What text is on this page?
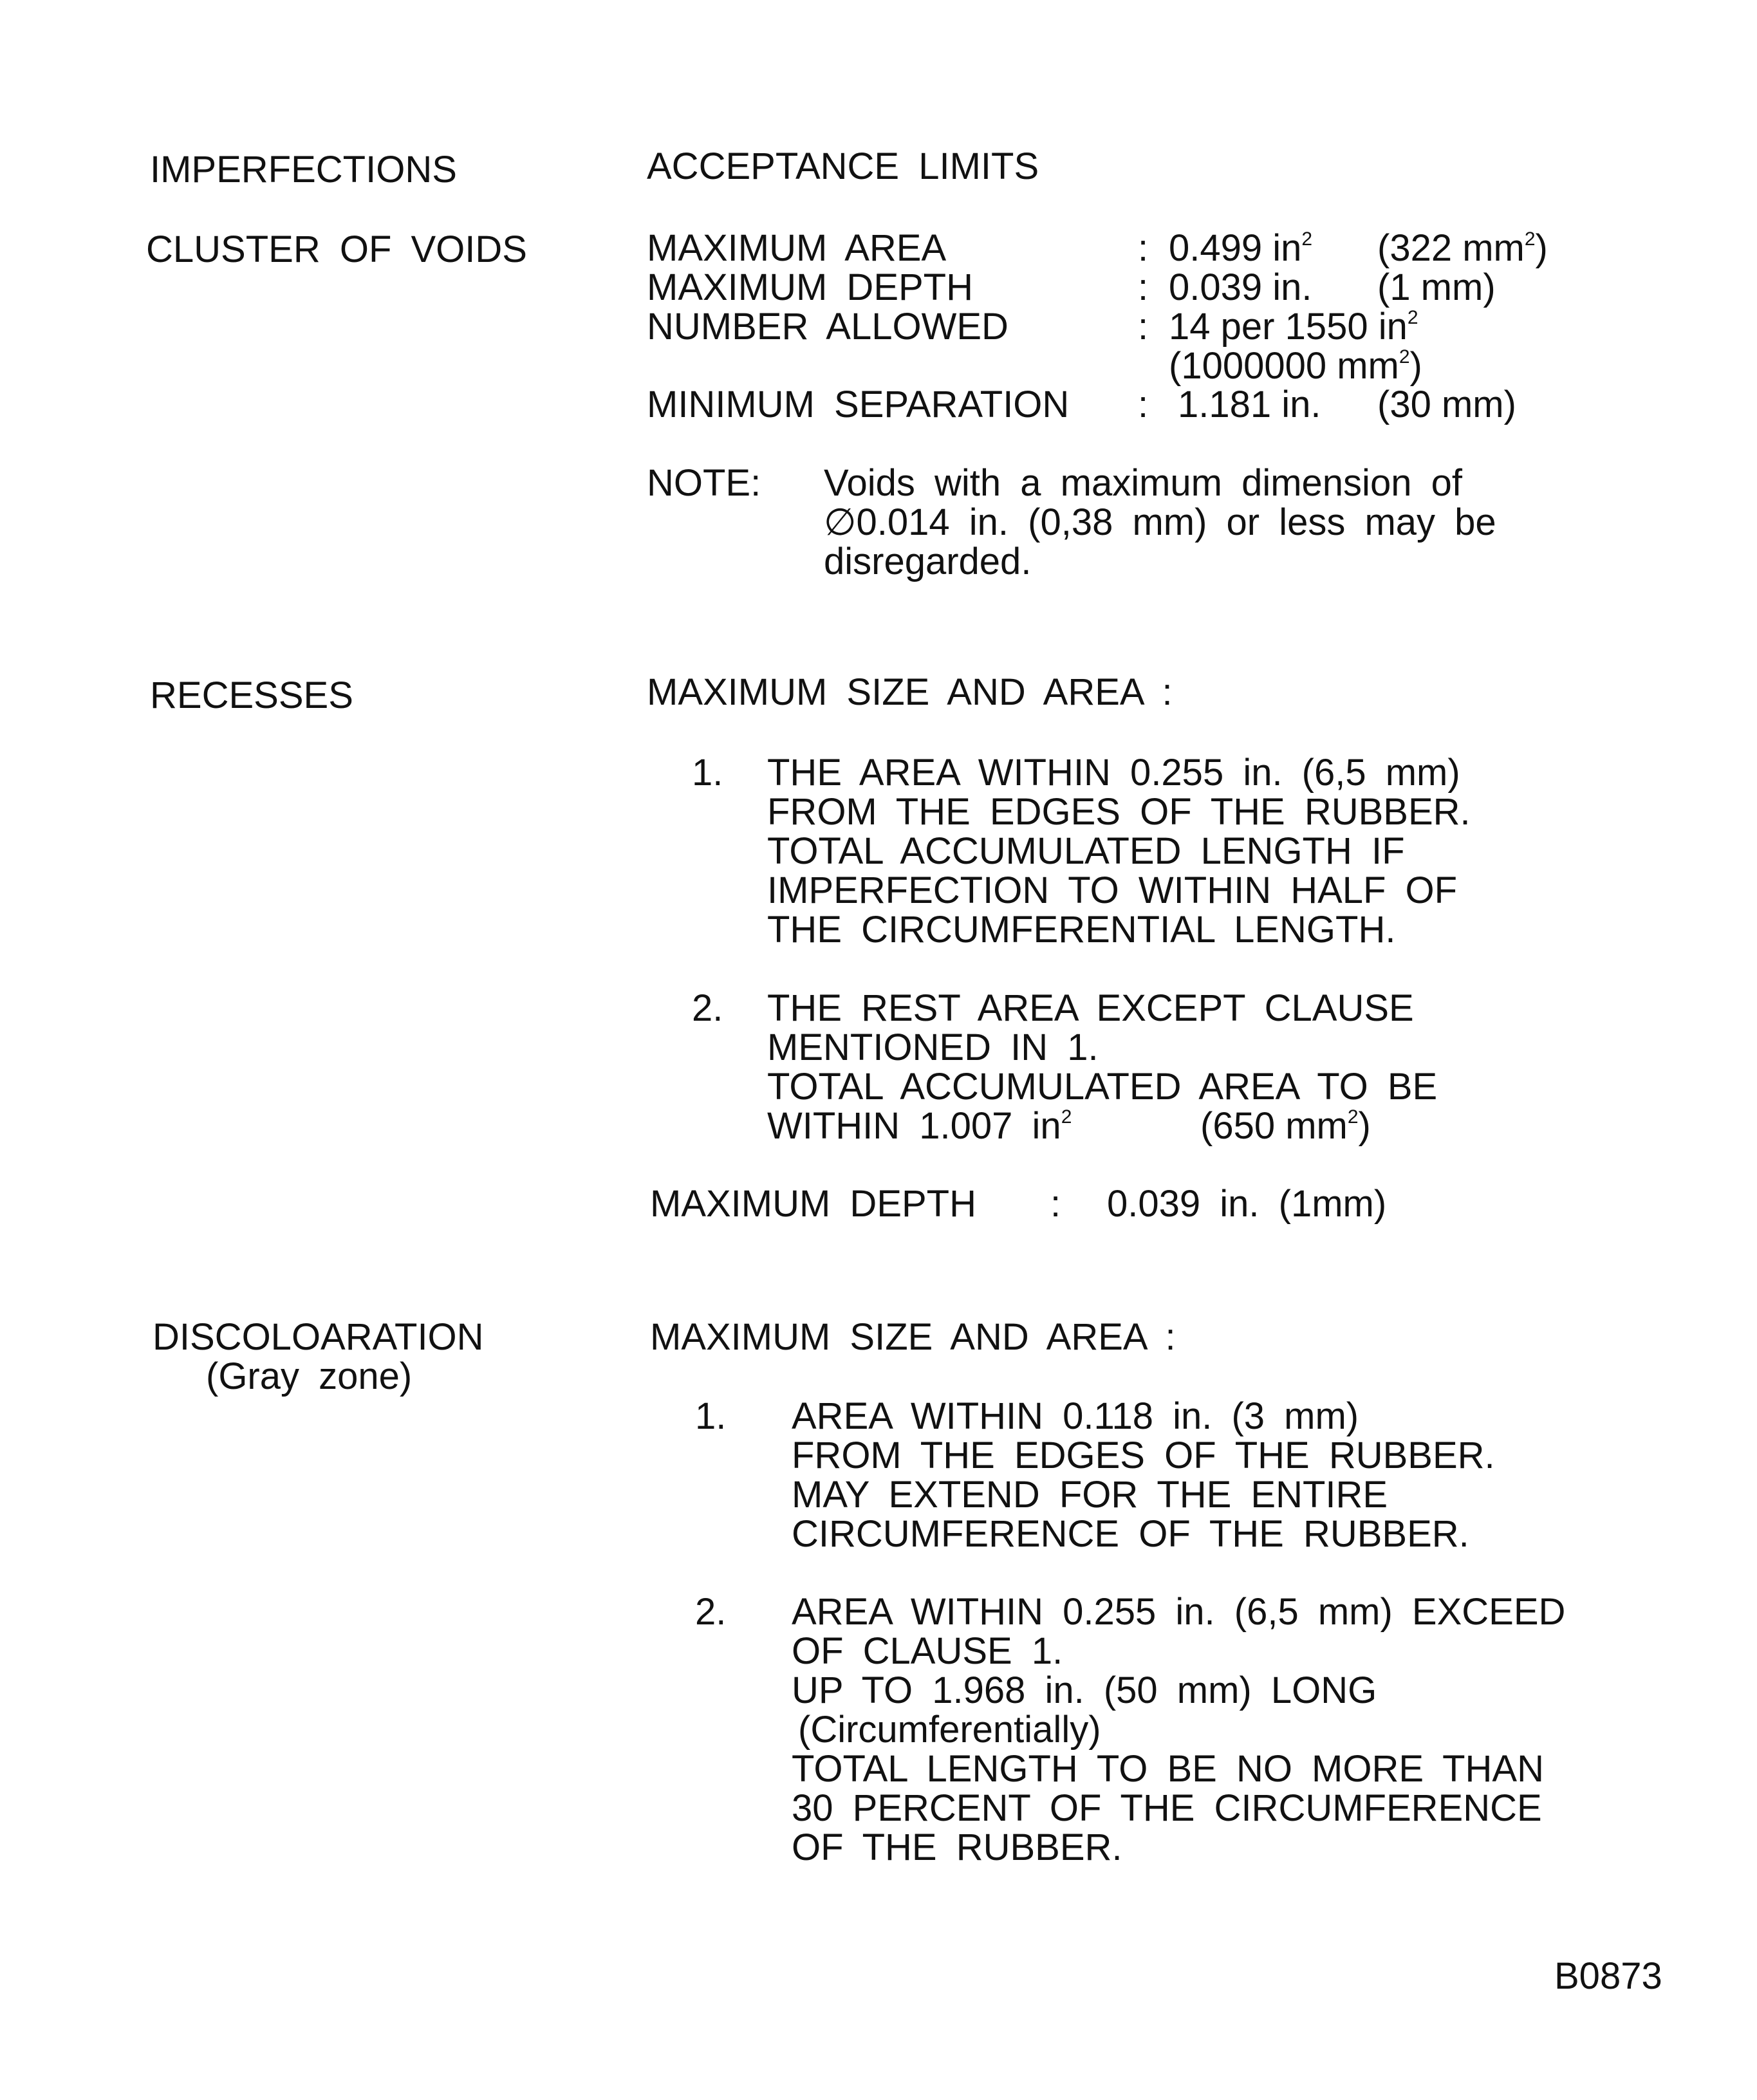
IMPERFECTIONS	ACCEPTANCE LIMITS
CLUSTER OF VOIDS	MAXIMUM AREA	: 0.499 $in^2$ (322 $mm^2$)
MAXIMUM DEPTH	: 0.039 in. (1 mm)
NUMBER ALLOWED	: 14 per 1550 $in^2$
(1000000 $mm^2$)
MINIMUM SEPARATION : 1.181 in. (30 mm)
NOTE: Voids with a maximum dimension of
∅0.014 in. (0,38 mm) or less may be
disregarded.
RECESSES	MAXIMUM SIZE AND AREA :
1. THE AREA WITHIN 0.255 in. (6,5 mm)
FROM THE EDGES OF THE RUBBER.
TOTAL ACCUMULATED LENGTH IF
IMPERFECTION TO WITHIN HALF OF
THE CIRCUMFERENTIAL LENGTH.
2. THE REST AREA EXCEPT CLAUSE
MENTIONED IN 1.
TOTAL ACCUMULATED AREA TO BE
WITHIN 1.007 $in^2$	(650 $mm^2$)
MAXIMUM DEPTH : 0.039 in. (1mm)
DISCOLOARATION
(Gray zone)
MAXIMUM SIZE AND AREA :
1. AREA WITHIN 0.118 in. (3 mm)
FROM THE EDGES OF THE RUBBER.
MAY EXTEND FOR THE ENTIRE
CIRCUMFERENCE OF THE RUBBER.
2. AREA WITHIN 0.255 in. (6,5 mm) EXCEED
OF CLAUSE 1.
UP TO 1.968 in. (50 mm) LONG
(Circumferentially)
TOTAL LENGTH TO BE NO MORE THAN
30 PERCENT OF THE CIRCUMFERENCE
OF THE RUBBER.
B0873
